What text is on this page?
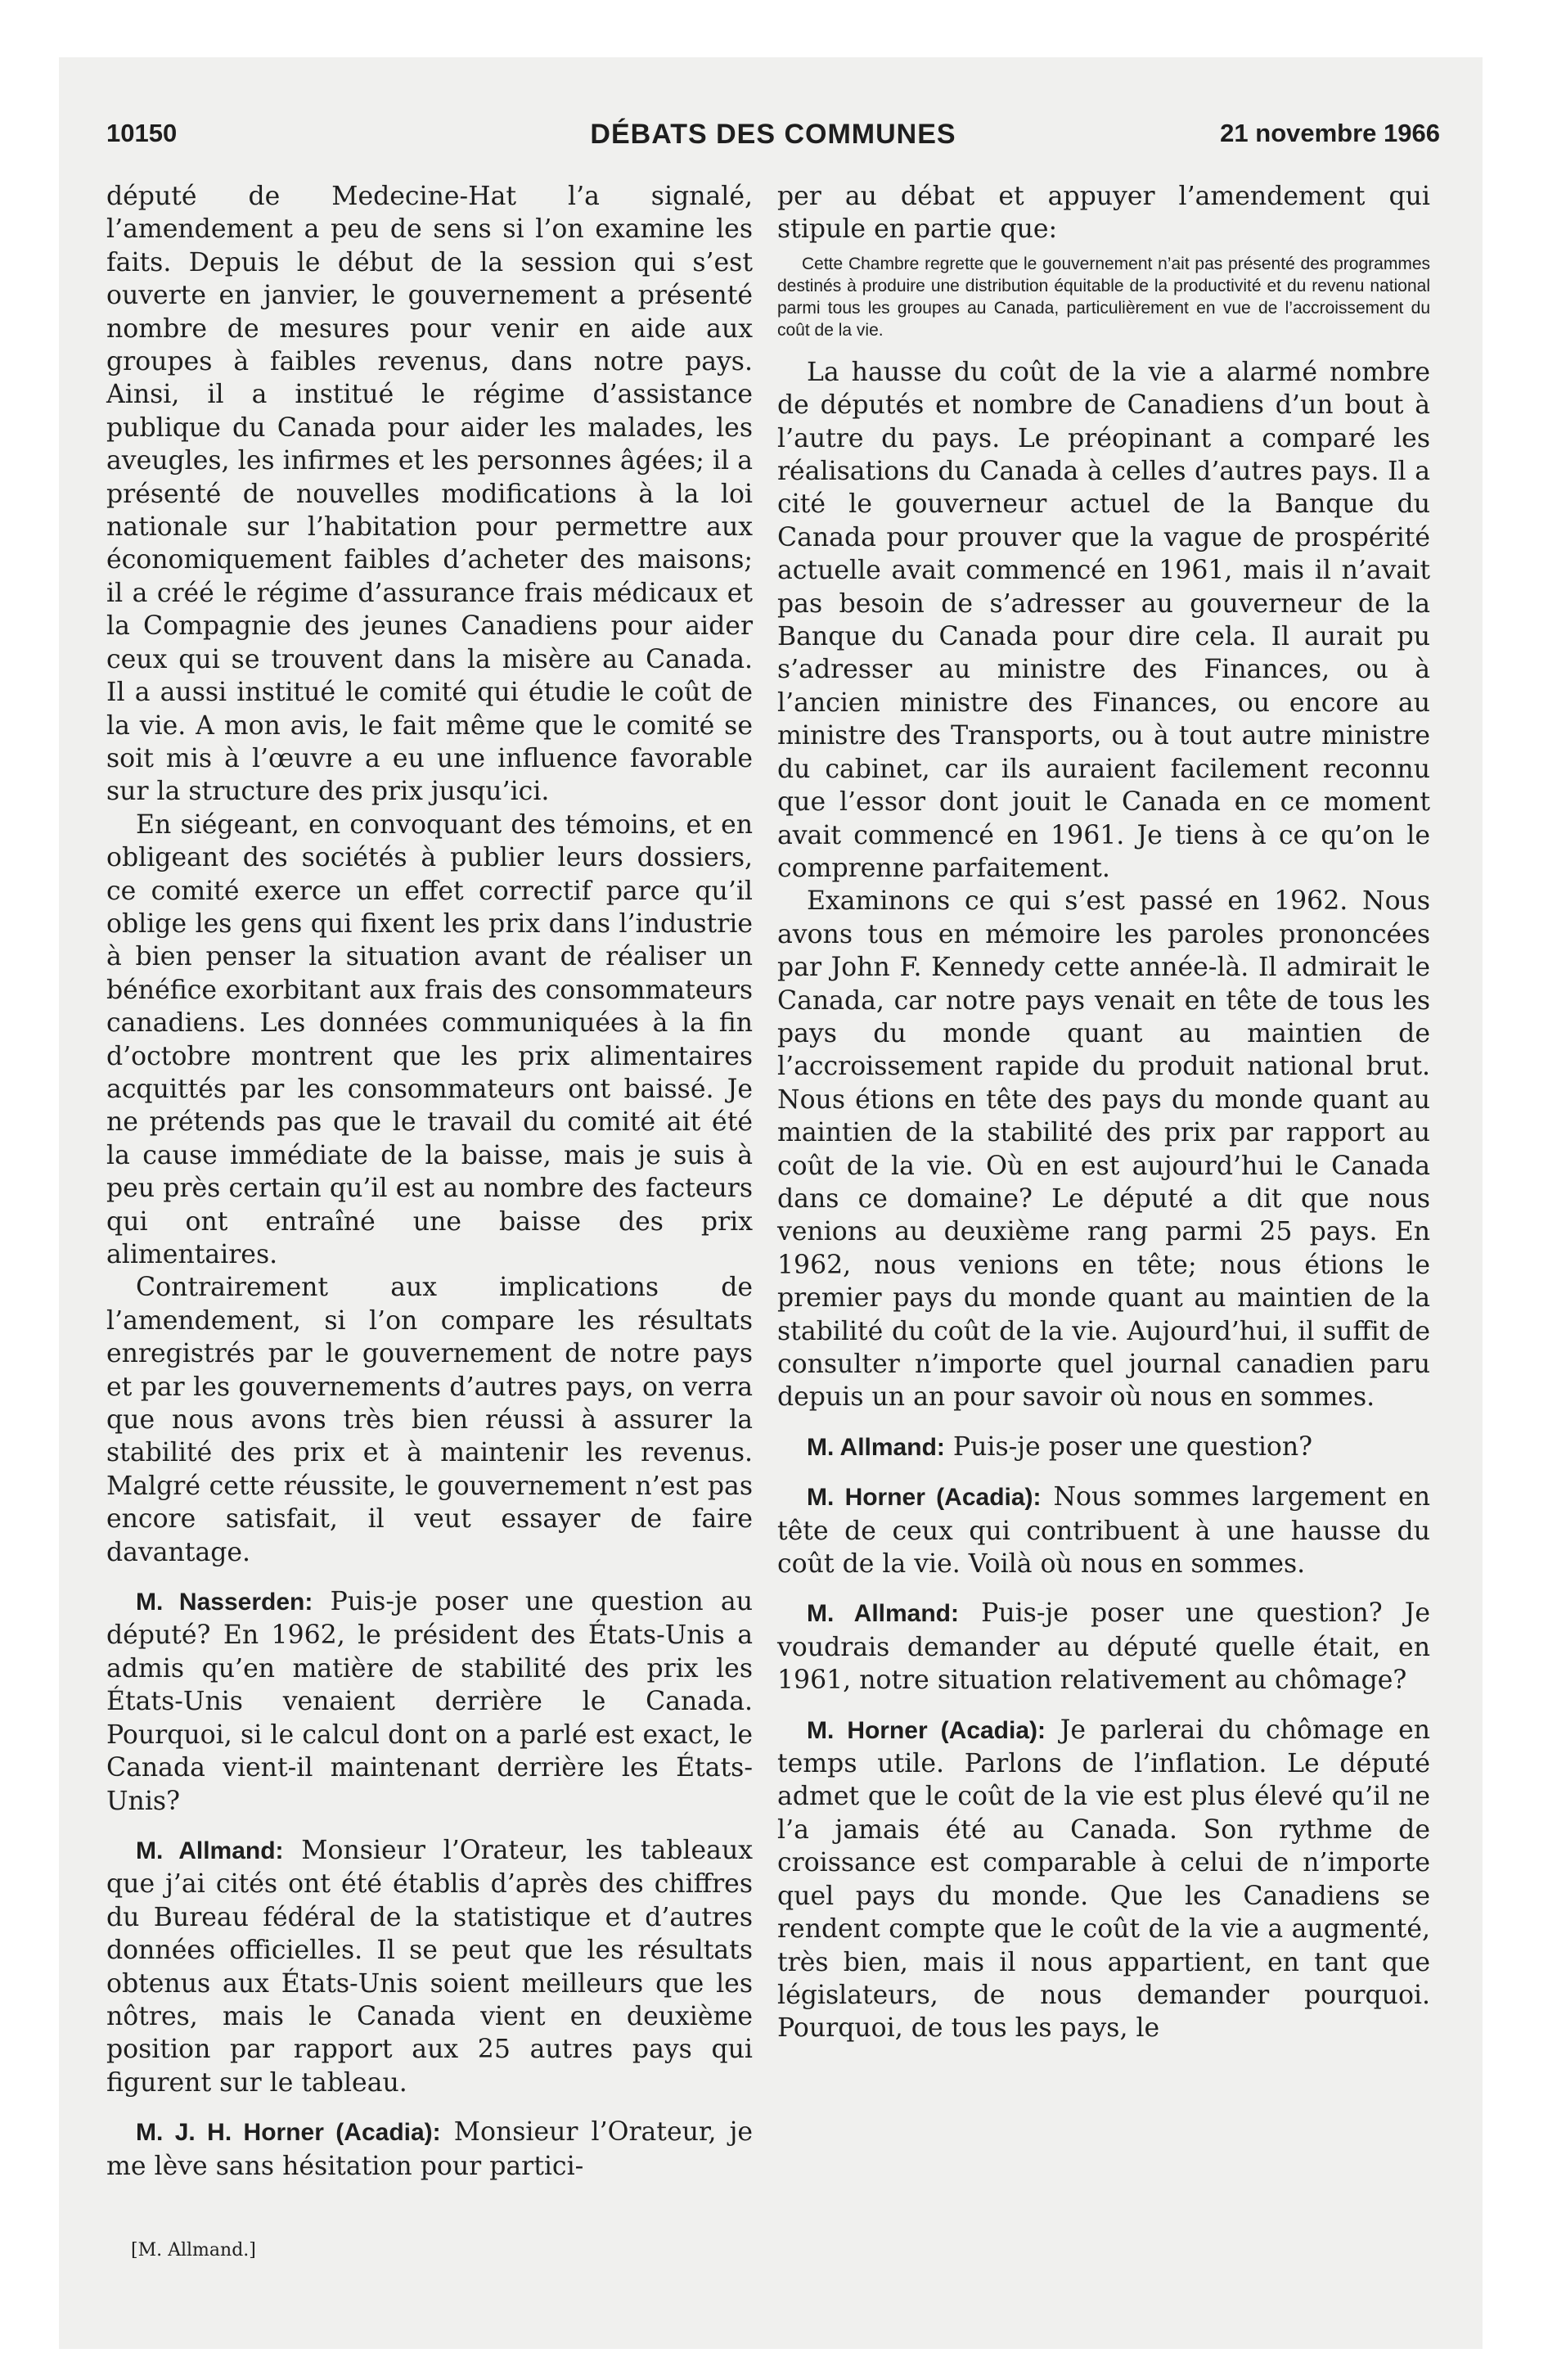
10150	DÉBATS DES COMMUNES	21 novembre 1966

député de Medecine-Hat l’a signalé, l’amendement a peu de sens si l’on examine les faits. Depuis le début de la session qui s’est ouverte en janvier, le gouvernement a présenté nombre de mesures pour venir en aide aux groupes à faibles revenus, dans notre pays. Ainsi, il a institué le régime d’assistance publique du Canada pour aider les malades, les aveugles, les infirmes et les personnes âgées; il a présenté de nouvelles modifications à la loi nationale sur l’habitation pour permettre aux économiquement faibles d’acheter des maisons; il a créé le régime d’assurance frais médicaux et la Compagnie des jeunes Canadiens pour aider ceux qui se trouvent dans la misère au Canada. Il a aussi institué le comité qui étudie le coût de la vie. A mon avis, le fait même que le comité se soit mis à l’œuvre a eu une influence favorable sur la structure des prix jusqu’ici.

En siégeant, en convoquant des témoins, et en obligeant des sociétés à publier leurs dossiers, ce comité exerce un effet correctif parce qu’il oblige les gens qui fixent les prix dans l’industrie à bien penser la situation avant de réaliser un bénéfice exorbitant aux frais des consommateurs canadiens. Les données communiquées à la fin d’octobre montrent que les prix alimentaires acquittés par les consommateurs ont baissé. Je ne prétends pas que le travail du comité ait été la cause immédiate de la baisse, mais je suis à peu près certain qu’il est au nombre des facteurs qui ont entraîné une baisse des prix alimentaires.

Contrairement aux implications de l’amendement, si l’on compare les résultats enregistrés par le gouvernement de notre pays et par les gouvernements d’autres pays, on verra que nous avons très bien réussi à assurer la stabilité des prix et à maintenir les revenus. Malgré cette réussite, le gouvernement n’est pas encore satisfait, il veut essayer de faire davantage.

M. Nasserden: Puis-je poser une question au député? En 1962, le président des États-Unis a admis qu’en matière de stabilité des prix les États-Unis venaient derrière le Canada. Pourquoi, si le calcul dont on a parlé est exact, le Canada vient-il maintenant derrière les États-Unis?

M. Allmand: Monsieur l’Orateur, les tableaux que j’ai cités ont été établis d’après des chiffres du Bureau fédéral de la statistique et d’autres données officielles. Il se peut que les résultats obtenus aux États-Unis soient meilleurs que les nôtres, mais le Canada vient en deuxième position par rapport aux 25 autres pays qui figurent sur le tableau.

M. J. H. Horner (Acadia): Monsieur l’Orateur, je me lève sans hésitation pour partici-

[M. Allmand.]

per au débat et appuyer l’amendement qui stipule en partie que:

Cette Chambre regrette que le gouvernement n’ait pas présenté des programmes destinés à produire une distribution équitable de la productivité et du revenu national parmi tous les groupes au Canada, particulièrement en vue de l’accroissement du coût de la vie.

La hausse du coût de la vie a alarmé nombre de députés et nombre de Canadiens d’un bout à l’autre du pays. Le préopinant a comparé les réalisations du Canada à celles d’autres pays. Il a cité le gouverneur actuel de la Banque du Canada pour prouver que la vague de prospérité actuelle avait commencé en 1961, mais il n’avait pas besoin de s’adresser au gouverneur de la Banque du Canada pour dire cela. Il aurait pu s’adresser au ministre des Finances, ou à l’ancien ministre des Finances, ou encore au ministre des Transports, ou à tout autre ministre du cabinet, car ils auraient facilement reconnu que l’essor dont jouit le Canada en ce moment avait commencé en 1961. Je tiens à ce qu’on le comprenne parfaitement.

Examinons ce qui s’est passé en 1962. Nous avons tous en mémoire les paroles prononcées par John F. Kennedy cette année-là. Il admirait le Canada, car notre pays venait en tête de tous les pays du monde quant au maintien de l’accroissement rapide du produit national brut. Nous étions en tête des pays du monde quant au maintien de la stabilité des prix par rapport au coût de la vie. Où en est aujourd’hui le Canada dans ce domaine? Le député a dit que nous venions au deuxième rang parmi 25 pays. En 1962, nous venions en tête; nous étions le premier pays du monde quant au maintien de la stabilité du coût de la vie. Aujourd’hui, il suffit de consulter n’importe quel journal canadien paru depuis un an pour savoir où nous en sommes.

M. Allmand: Puis-je poser une question?

M. Horner (Acadia): Nous sommes largement en tête de ceux qui contribuent à une hausse du coût de la vie. Voilà où nous en sommes.

M. Allmand: Puis-je poser une question? Je voudrais demander au député quelle était, en 1961, notre situation relativement au chômage?

M. Horner (Acadia): Je parlerai du chômage en temps utile. Parlons de l’inflation. Le député admet que le coût de la vie est plus élevé qu’il ne l’a jamais été au Canada. Son rythme de croissance est comparable à celui de n’importe quel pays du monde. Que les Canadiens se rendent compte que le coût de la vie a augmenté, très bien, mais il nous appartient, en tant que législateurs, de nous demander pourquoi. Pourquoi, de tous les pays, le
